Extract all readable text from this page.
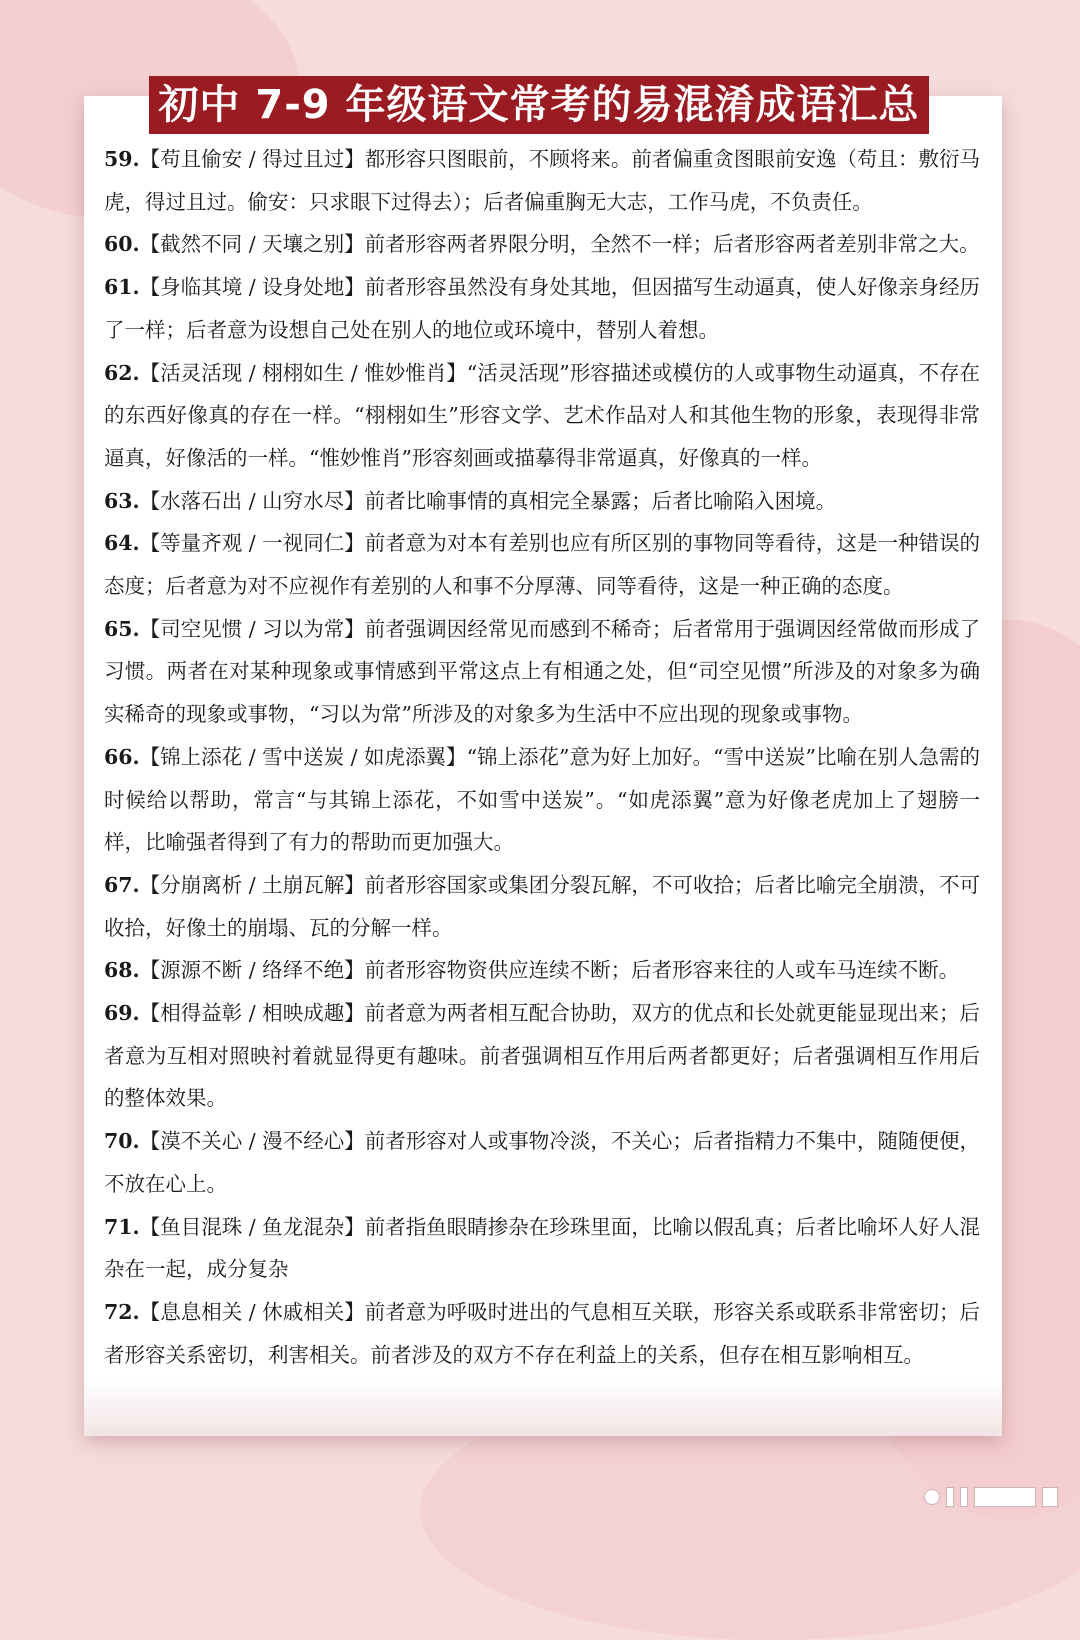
初中 7-9 年级语文常考的易混淆成语汇总

59.【苟且偷安 / 得过且过】都形容只图眼前，不顾将来。前者偏重贪图眼前安逸（苟且：敷衍马虎，得过且过。偷安：只求眼下过得去）；后者偏重胸无大志，工作马虎，不负责任。

60.【截然不同 / 天壤之别】前者形容两者界限分明，全然不一样；后者形容两者差别非常之大。

61.【身临其境 / 设身处地】前者形容虽然没有身处其地，但因描写生动逼真，使人好像亲身经历了一样；后者意为设想自己处在别人的地位或环境中，替别人着想。

62.【活灵活现 / 栩栩如生 / 惟妙惟肖】“活灵活现”形容描述或模仿的人或事物生动逼真，不存在的东西好像真的存在一样。“栩栩如生”形容文学、艺术作品对人和其他生物的形象，表现得非常逼真，好像活的一样。“惟妙惟肖”形容刻画或描摹得非常逼真，好像真的一样。

63.【水落石出 / 山穷水尽】前者比喻事情的真相完全暴露；后者比喻陷入困境。

64.【等量齐观 / 一视同仁】前者意为对本有差别也应有所区别的事物同等看待，这是一种错误的态度；后者意为对不应视作有差别的人和事不分厚薄、同等看待，这是一种正确的态度。

65.【司空见惯 / 习以为常】前者强调因经常见而感到不稀奇；后者常用于强调因经常做而形成了习惯。两者在对某种现象或事情感到平常这点上有相通之处，但“司空见惯”所涉及的对象多为确实稀奇的现象或事物，“习以为常”所涉及的对象多为生活中不应出现的现象或事物。

66.【锦上添花 / 雪中送炭 / 如虎添翼】“锦上添花”意为好上加好。“雪中送炭”比喻在别人急需的时候给以帮助，常言“与其锦上添花，不如雪中送炭”。“如虎添翼”意为好像老虎加上了翅膀一样，比喻强者得到了有力的帮助而更加强大。

67.【分崩离析 / 土崩瓦解】前者形容国家或集团分裂瓦解，不可收拾；后者比喻完全崩溃，不可收拾，好像土的崩塌、瓦的分解一样。

68.【源源不断 / 络绎不绝】前者形容物资供应连续不断；后者形容来往的人或车马连续不断。

69.【相得益彰 / 相映成趣】前者意为两者相互配合协助，双方的优点和长处就更能显现出来；后者意为互相对照映衬着就显得更有趣味。前者强调相互作用后两者都更好；后者强调相互作用后的整体效果。

70.【漠不关心 / 漫不经心】前者形容对人或事物冷淡，不关心；后者指精力不集中，随随便便，不放在心上。

71.【鱼目混珠 / 鱼龙混杂】前者指鱼眼睛掺杂在珍珠里面，比喻以假乱真；后者比喻坏人好人混杂在一起，成分复杂

72.【息息相关 / 休戚相关】前者意为呼吸时进出的气息相互关联，形容关系或联系非常密切；后者形容关系密切，利害相关。前者涉及的双方不存在利益上的关系，但存在相互影响相互。
